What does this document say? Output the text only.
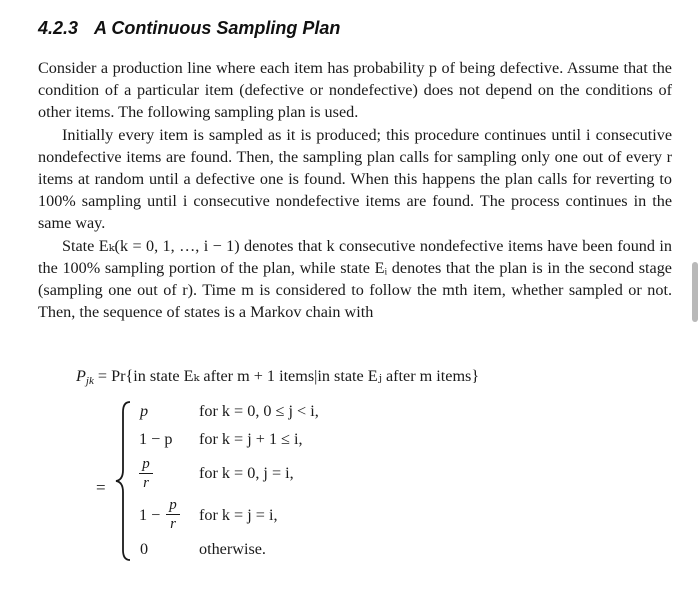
4.2.3 A Continuous Sampling Plan

Consider a production line where each item has probability p of being defective. Assume that the condition of a particular item (defective or nondefective) does not depend on the conditions of other items. The following sampling plan is used.

Initially every item is sampled as it is produced; this procedure continues until i consecutive nondefective items are found. Then, the sampling plan calls for sampling only one out of every r items at random until a defective one is found. When this happens the plan calls for reverting to 100% sampling until i consecutive nondefective items are found. The process continues in the same way.

State Eₖ(k = 0, 1, …, i − 1) denotes that k consecutive nondefective items have been found in the 100% sampling portion of the plan, while state Eᵢ denotes that the plan is in the second stage (sampling one out of r). Time m is considered to follow the mth item, whether sampled or not. Then, the sequence of states is a Markov chain with

Pjk = Pr{in state Eₖ after m + 1 items|in state Eⱼ after m items}
=
p	for k = 0, 0 ≤ j < i,
1 − p for k = j + 1 ≤ i,
p
r
for k = 0, j = i,
1 −
p
r for k = j = i,
0	otherwise.
